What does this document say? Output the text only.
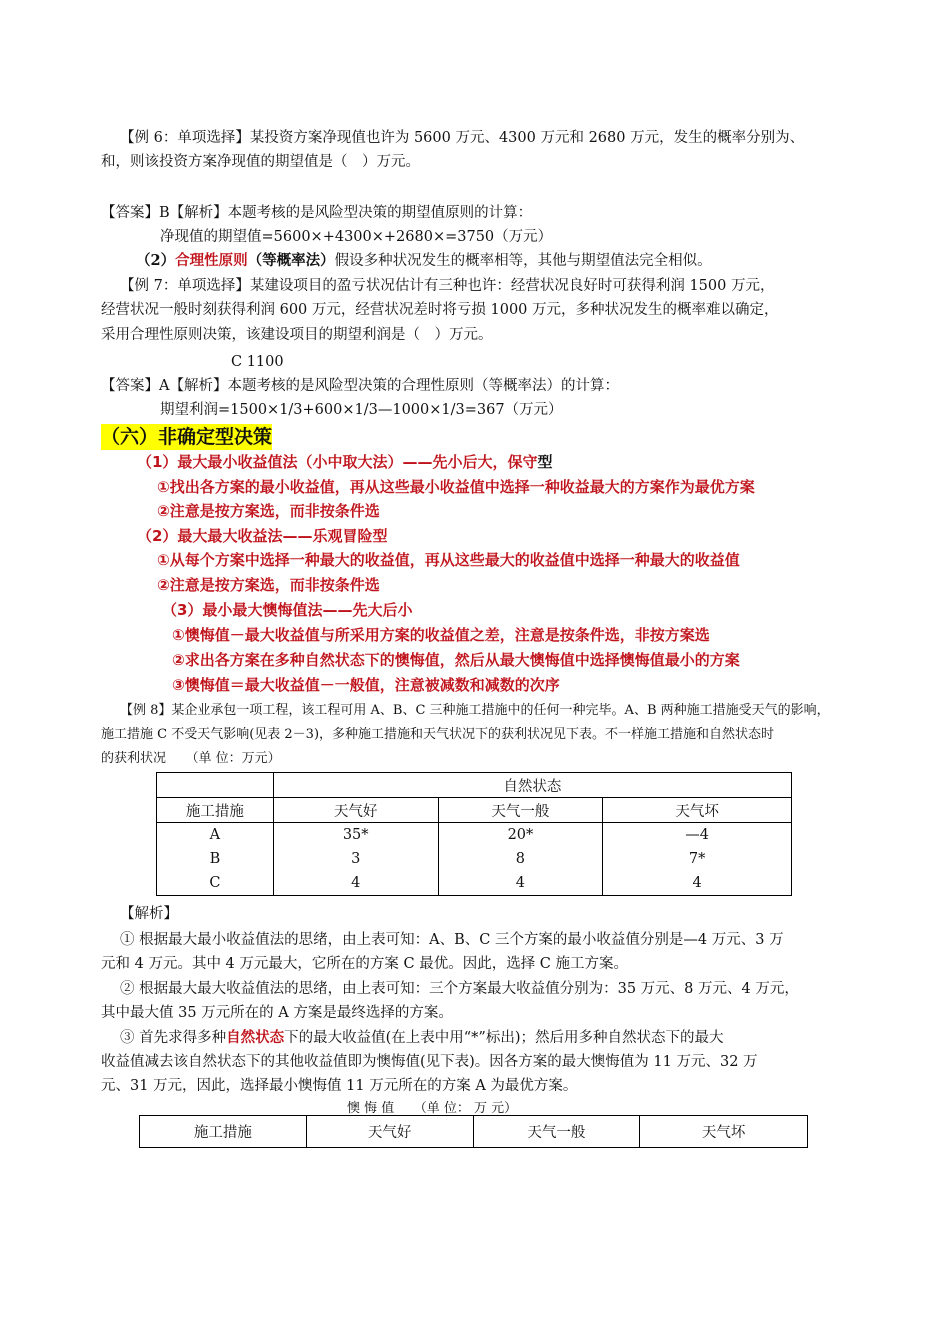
【例 6：单项选择】某投资方案净现值也许为 5600 万元、4300 万元和 2680 万元，发生的概率分别为、
和，则该投资方案净现值的期望值是（　）万元。
【答案】B【解析】本题考核的是风险型决策的期望值原则的计算：
净现值的期望值=5600×+4300×+2680×=3750（万元）
（2）合理性原则（等概率法）假设多种状况发生的概率相等，其他与期望值法完全相似。
【例 7：单项选择】某建设项目的盈亏状况估计有三种也许：经营状况良好时可获得利润 1500 万元，
经营状况一般时刻获得利润 600 万元，经营状况差时将亏损 1000 万元，多种状况发生的概率难以确定，
采用合理性原则决策，该建设项目的期望利润是（　）万元。
C 1100
【答案】A【解析】本题考核的是风险型决策的合理性原则（等概率法）的计算：
期望利润=1500×1/3+600×1/3—1000×1/3=367（万元）
（六）非确定型决策
（1）最大最小收益值法（小中取大法）——先小后大，保守型
①找出各方案的最小收益值，再从这些最小收益值中选择一种收益最大的方案作为最优方案
②注意是按方案选，而非按条件选
（2）最大最大收益法——乐观冒险型
①从每个方案中选择一种最大的收益值，再从这些最大的收益值中选择一种最大的收益值
②注意是按方案选，而非按条件选
（3）最小最大懊悔值法——先大后小
①懊悔值－最大收益值与所采用方案的收益值之差，注意是按条件选，非按方案选
②求出各方案在多种自然状态下的懊悔值，然后从最大懊悔值中选择懊悔值最小的方案
③懊悔值＝最大收益值－一般值，注意被减数和减数的次序
【例 8】某企业承包一项工程，该工程可用 A、B、C 三种施工措施中的任何一种完毕。A、B 两种施工措施受天气的影响，
施工措施 C 不受天气影响(见表 2－3)，多种施工措施和天气状况下的获利状况见下表。不一样施工措施和自然状态时
的获利状况　　（单 位：万元）
	自然状态		
施工措施	天气好	天气一般	天气坏
A	35*	20*	—4
B	3	8	7*
C	4	4	4
【解析】
① 根据最大最小收益值法的思绪，由上表可知：A、B、C 三个方案的最小收益值分别是—4 万元、3 万
元和 4 万元。其中 4 万元最大，它所在的方案 C 最优。因此，选择 C 施工方案。
② 根据最大最大收益值法的思绪，由上表可知：三个方案最大收益值分别为：35 万元、8 万元、4 万元，
其中最大值 35 万元所在的 A 方案是最终选择的方案。
③ 首先求得多种自然状态下的最大收益值(在上表中用“*”标出)；然后用多种自然状态下的最大
收益值减去该自然状态下的其他收益值即为懊悔值(见下表)。因各方案的最大懊悔值为 11 万元、32 万
元、31 万元，因此，选择最小懊悔值 11 万元所在的方案 A 为最优方案。
懊 悔 值　　（单 位： 万 元）
施工措施	天气好	天气一般	天气坏
